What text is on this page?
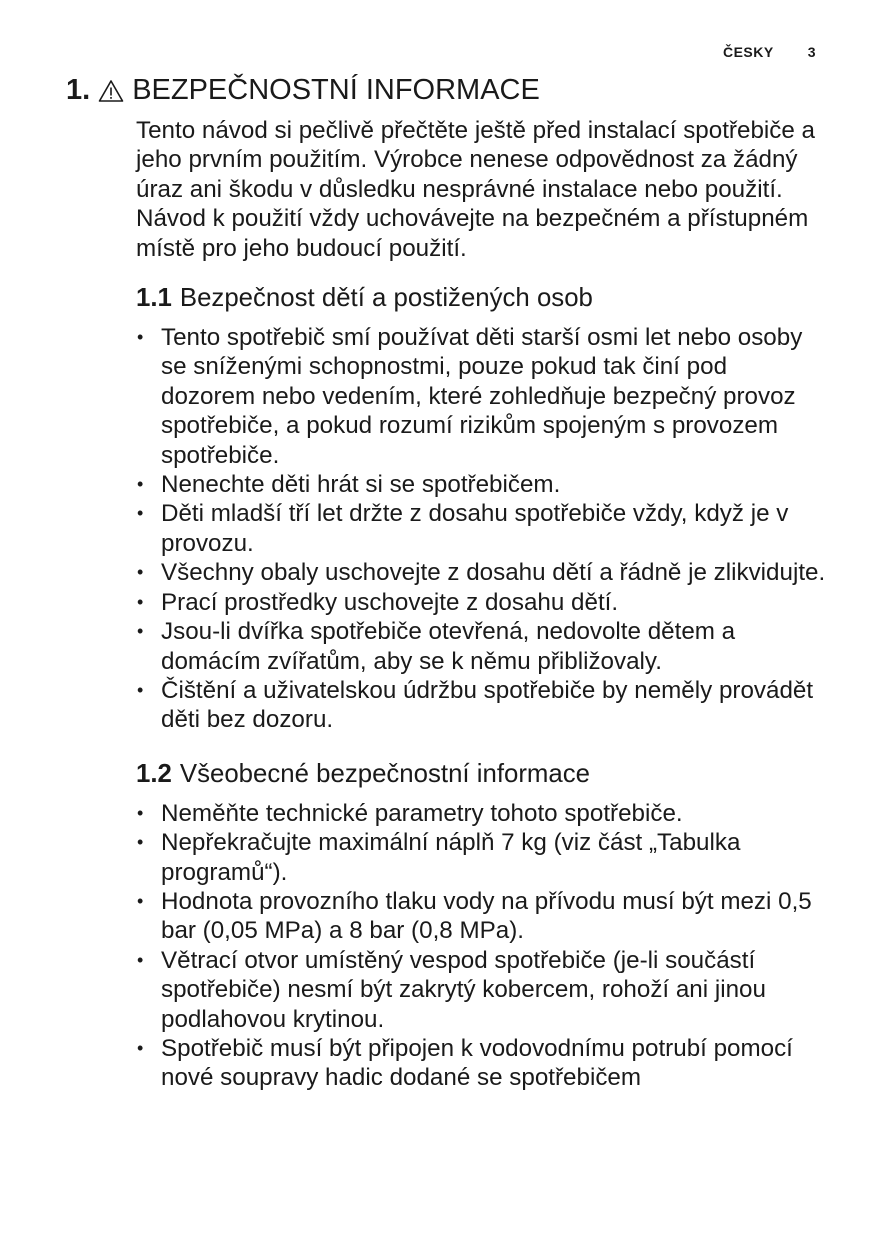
ČESKY 3
1. BEZPEČNOSTNÍ INFORMACE

Tento návod si pečlivě přečtěte ještě před instalací spotřebiče a jeho prvním použitím. Výrobce nenese odpovědnost za žádný úraz ani škodu v důsledku nesprávné instalace nebo použití. Návod k použití vždy uchovávejte na bezpečném a přístupném místě pro jeho budoucí použití.

1.1 Bezpečnost dětí a postižených osob
• Tento spotřebič smí používat děti starší osmi let nebo osoby se sníženými schopnostmi, pouze pokud tak činí pod dozorem nebo vedením, které zohledňuje bezpečný provoz spotřebiče, a pokud rozumí rizikům spojeným s provozem spotřebiče.
• Nenechte děti hrát si se spotřebičem.
• Děti mladší tří let držte z dosahu spotřebiče vždy, když je v provozu.
• Všechny obaly uschovejte z dosahu dětí a řádně je zlikvidujte.
• Prací prostředky uschovejte z dosahu dětí.
• Jsou-li dvířka spotřebiče otevřená, nedovolte dětem a domácím zvířatům, aby se k němu přibližovaly.
• Čištění a uživatelskou údržbu spotřebiče by neměly provádět děti bez dozoru.
1.2 Všeobecné bezpečnostní informace
• Neměňte technické parametry tohoto spotřebiče.
• Nepřekračujte maximální náplň 7 kg (viz část „Tabulka programů“).
• Hodnota provozního tlaku vody na přívodu musí být mezi 0,5 bar (0,05 MPa) a 8 bar (0,8 MPa).
• Větrací otvor umístěný vespod spotřebiče (je-li součástí spotřebiče) nesmí být zakrytý kobercem, rohoží ani jinou podlahovou krytinou.
• Spotřebič musí být připojen k vodovodnímu potrubí pomocí nové soupravy hadic dodané se spotřebičem
